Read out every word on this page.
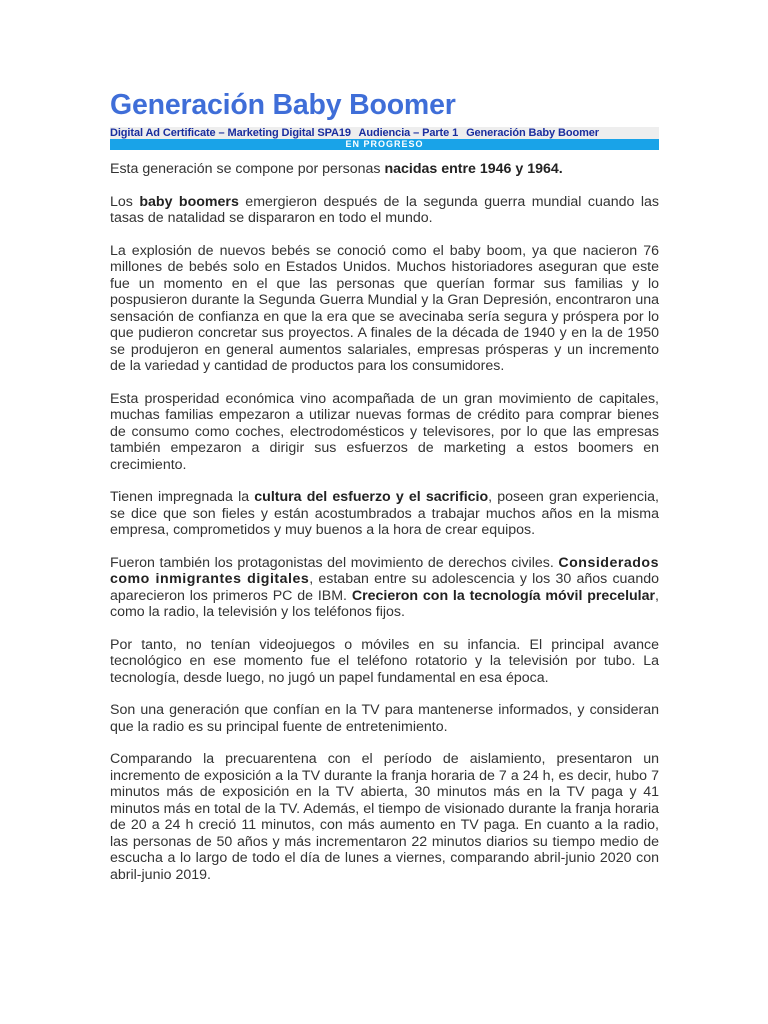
Generación Baby Boomer
Digital Ad Certificate – Marketing Digital SPA19 Audiencia – Parte 1 Generación Baby Boomer
EN PROGRESO

Esta generación se compone por personas nacidas entre 1946 y 1964.

Los baby boomers emergieron después de la segunda guerra mundial cuando las tasas de natalidad se dispararon en todo el mundo.

La explosión de nuevos bebés se conoció como el baby boom, ya que nacieron 76 millones de bebés solo en Estados Unidos. Muchos historiadores aseguran que este fue un momento en el que las personas que querían formar sus familias y lo pospusieron durante la Segunda Guerra Mundial y la Gran Depresión, encontraron una sensación de confianza en que la era que se avecinaba sería segura y próspera por lo que pudieron concretar sus proyectos. A finales de la década de 1940 y en la de 1950 se produjeron en general aumentos salariales, empresas prósperas y un incremento de la variedad y cantidad de productos para los consumidores.

Esta prosperidad económica vino acompañada de un gran movimiento de capitales, muchas familias empezaron a utilizar nuevas formas de crédito para comprar bienes de consumo como coches, electrodomésticos y televisores, por lo que las empresas también empezaron a dirigir sus esfuerzos de marketing a estos boomers en crecimiento.

Tienen impregnada la cultura del esfuerzo y el sacrificio, poseen gran experiencia, se dice que son fieles y están acostumbrados a trabajar muchos años en la misma empresa, comprometidos y muy buenos a la hora de crear equipos.

Fueron también los protagonistas del movimiento de derechos civiles. Considerados como inmigrantes digitales, estaban entre su adolescencia y los 30 años cuando aparecieron los primeros PC de IBM. Crecieron con la tecnología móvil precelular, como la radio, la televisión y los teléfonos fijos.

Por tanto, no tenían videojuegos o móviles en su infancia. El principal avance tecnológico en ese momento fue el teléfono rotatorio y la televisión por tubo. La tecnología, desde luego, no jugó un papel fundamental en esa época.

Son una generación que confían en la TV para mantenerse informados, y consideran que la radio es su principal fuente de entretenimiento.

Comparando la precuarentena con el período de aislamiento, presentaron un incremento de exposición a la TV durante la franja horaria de 7 a 24 h, es decir, hubo 7 minutos más de exposición en la TV abierta, 30 minutos más en la TV paga y 41 minutos más en total de la TV. Además, el tiempo de visionado durante la franja horaria de 20 a 24 h creció 11 minutos, con más aumento en TV paga. En cuanto a la radio, las personas de 50 años y más incrementaron 22 minutos diarios su tiempo medio de escucha a lo largo de todo el día de lunes a viernes, comparando abril-junio 2020 con abril-junio 2019.
